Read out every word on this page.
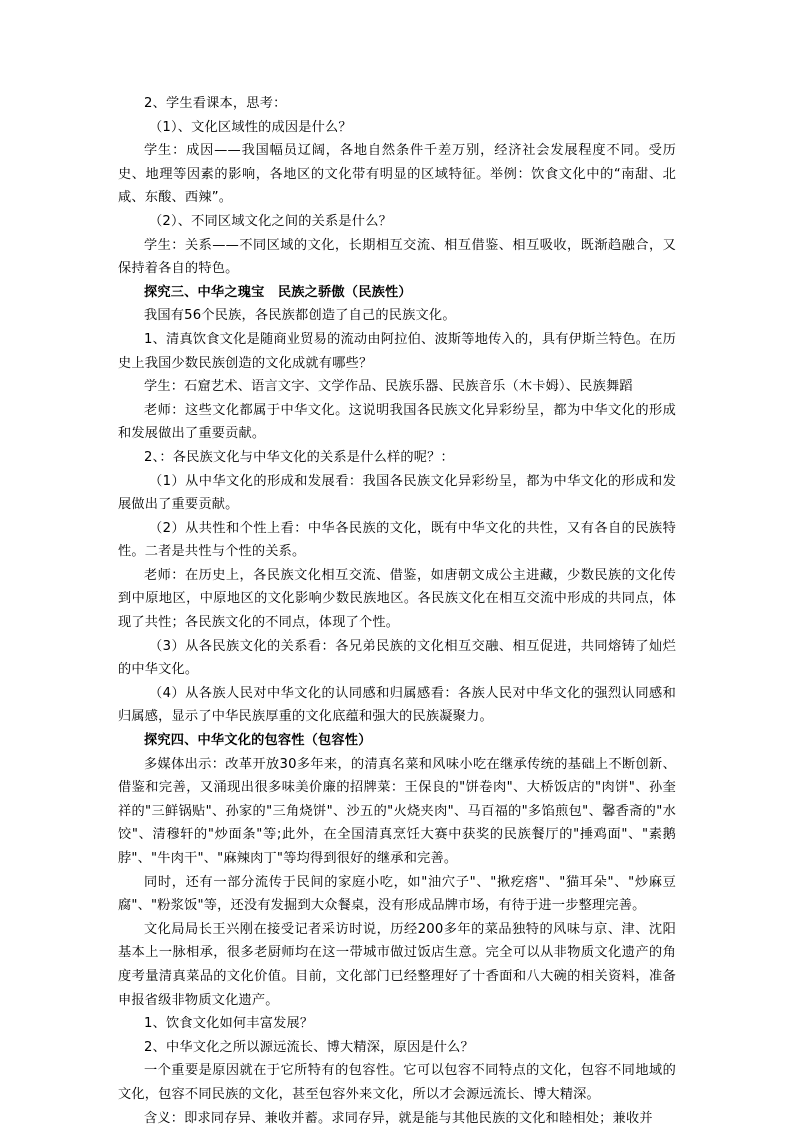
2、学生看课本，思考：

（1）、文化区域性的成因是什么？

学生：成因——我国幅员辽阔，各地自然条件千差万别，经济社会发展程度不同。受历史、地理等因素的影响，各地区的文化带有明显的区域特征。举例：饮食文化中的“南甜、北咸、东酸、西辣”。

（2）、不同区域文化之间的关系是什么？

学生：关系——不同区域的文化，长期相互交流、相互借鉴、相互吸收，既渐趋融合，又保持着各自的特色。

探究三、中华之瑰宝　民族之骄傲（民族性）

我国有56个民族，各民族都创造了自己的民族文化。

1、清真饮食文化是随商业贸易的流动由阿拉伯、波斯等地传入的，具有伊斯兰特色。在历史上我国少数民族创造的文化成就有哪些？

学生：石窟艺术、语言文字、文学作品、民族乐器、民族音乐（木卡姆）、民族舞蹈

老师：这些文化都属于中华文化。这说明我国各民族文化异彩纷呈，都为中华文化的形成和发展做出了重要贡献。

2、：各民族文化与中华文化的关系是什么样的呢？：

（1）从中华文化的形成和发展看：我国各民族文化异彩纷呈，都为中华文化的形成和发展做出了重要贡献。

（2）从共性和个性上看：中华各民族的文化，既有中华文化的共性，又有各自的民族特性。二者是共性与个性的关系。

老师：在历史上，各民族文化相互交流、借鉴，如唐朝文成公主进藏，少数民族的文化传到中原地区，中原地区的文化影响少数民族地区。各民族文化在相互交流中形成的共同点，体现了共性；各民族文化的不同点，体现了个性。

（3）从各民族文化的关系看：各兄弟民族的文化相互交融、相互促进，共同熔铸了灿烂的中华文化。

（4）从各族人民对中华文化的认同感和归属感看：各族人民对中华文化的强烈认同感和归属感，显示了中华民族厚重的文化底蕴和强大的民族凝聚力。

探究四、中华文化的包容性（包容性）

多媒体出示：改革开放30多年来，的清真名菜和风味小吃在继承传统的基础上不断创新、借鉴和完善，又涌现出很多味美价廉的招牌菜：王保良的"饼卷肉"、大桥饭店的"肉饼"、孙奎祥的"三鲜锅贴"、孙家的"三角烧饼"、沙五的"火烧夹肉"、马百福的"多馅煎包"、馨香斋的"水饺"、清穆轩的"炒面条"等;此外，在全国清真烹饪大赛中获奖的民族餐厅的"捶鸡面"、"素鹅脖"、"牛肉干"、"麻辣肉丁"等均得到很好的继承和完善。

同时，还有一部分流传于民间的家庭小吃，如"油穴子"、"揪疙瘩"、"猫耳朵"、"炒麻豆腐"、"粉浆饭"等，还没有发掘到大众餐桌，没有形成品牌市场，有待于进一步整理完善。

文化局局长王兴刚在接受记者采访时说，历经200多年的菜品独特的风味与京、津、沈阳基本上一脉相承，很多老厨师均在这一带城市做过饭店生意。完全可以从非物质文化遗产的角度考量清真菜品的文化价值。目前，文化部门已经整理好了十香面和八大碗的相关资料，准备申报省级非物质文化遗产。

1、饮食文化如何丰富发展？

2、中华文化之所以源远流长、博大精深，原因是什么？

一个重要是原因就在于它所特有的包容性。它可以包容不同特点的文化，包容不同地域的文化，包容不同民族的文化，甚至包容外来文化，所以才会源远流长、博大精深。

含义：即求同存异、兼收并蓄。求同存异，就是能与其他民族的文化和睦相处；兼收并
